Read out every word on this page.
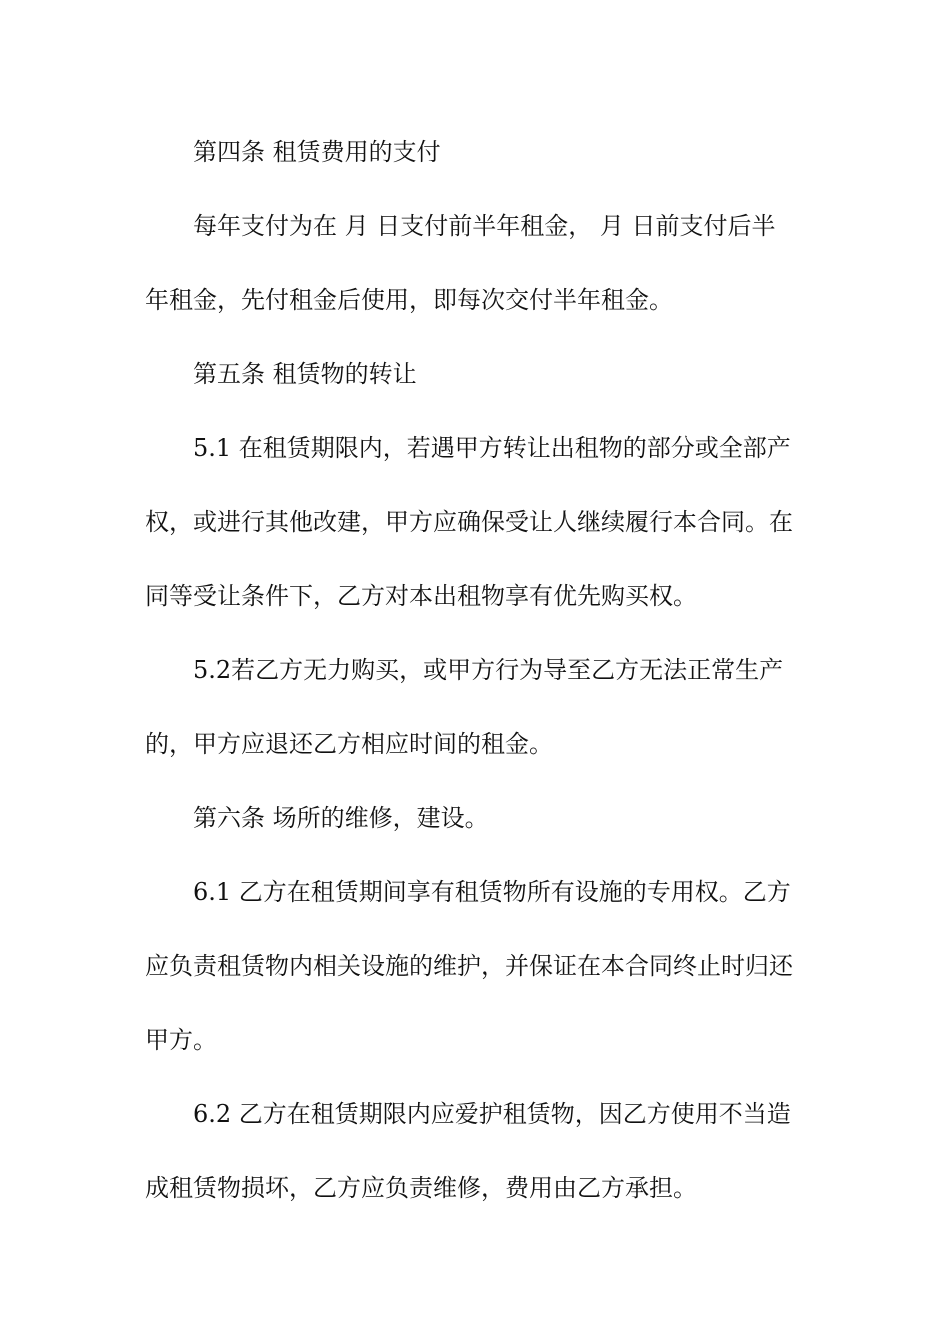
第四条 租赁费用的支付
每年支付为在 月 日支付前半年租金， 月 日前支付后半
年租金，先付租金后使用，即每次交付半年租金。
第五条 租赁物的转让
5.1 在租赁期限内，若遇甲方转让出租物的部分或全部产
权，或进行其他改建，甲方应确保受让人继续履行本合同。在
同等受让条件下，乙方对本出租物享有优先购买权。
5.2若乙方无力购买，或甲方行为导至乙方无法正常生产
的，甲方应退还乙方相应时间的租金。
第六条 场所的维修，建设。
6.1 乙方在租赁期间享有租赁物所有设施的专用权。乙方
应负责租赁物内相关设施的维护，并保证在本合同终止时归还
甲方。
6.2 乙方在租赁期限内应爱护租赁物，因乙方使用不当造
成租赁物损坏，乙方应负责维修，费用由乙方承担。
